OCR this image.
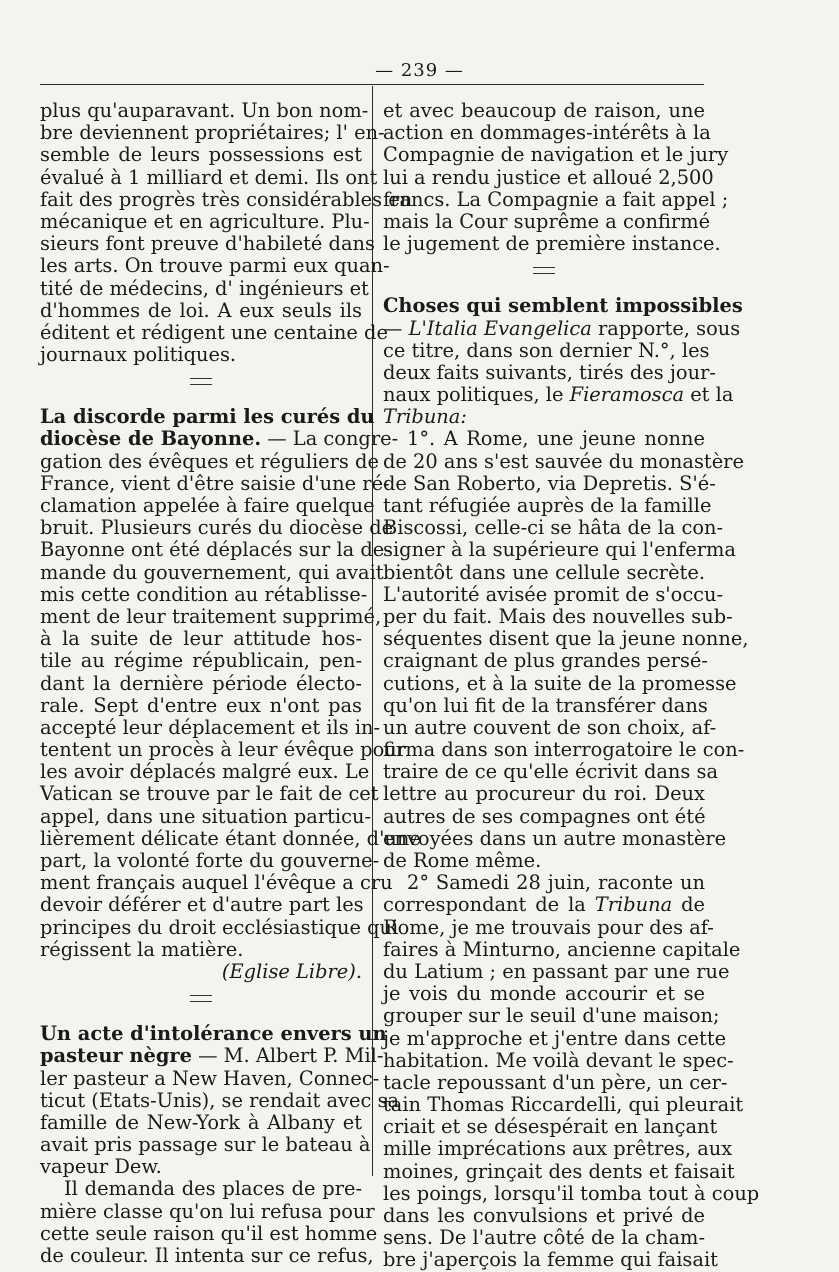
— 239 —
plus qu'auparavant. Un bon nom-
bre deviennent propriétaires; l' en-
semble de leurs possessions est
évalué à 1 milliard et demi. Ils ont
fait des progrès très considérables en
mécanique et en agriculture. Plu-
sieurs font preuve d'habileté dans
les arts. On trouve parmi eux quan-
tité de médecins, d' ingénieurs et
d'hommes de loi. A eux seuls ils
éditent et rédigent une centaine de
journaux politiques.
La discorde parmi les curés du
diocèse de Bayonne. — La congre-
gation des évêques et réguliers de
France, vient d'être saisie d'une ré-
clamation appelée à faire quelque
bruit. Plusieurs curés du diocèse de
Bayonne ont été déplacés sur la de-
mande du gouvernement, qui avait
mis cette condition au rétablisse-
ment de leur traitement supprimé,
à la suite de leur attitude hos-
tile au régime républicain, pen-
dant la dernière période électo-
rale. Sept d'entre eux n'ont pas
accepté leur déplacement et ils in-
tentent un procès à leur évêque pour
les avoir déplacés malgré eux. Le
Vatican se trouve par le fait de cet
appel, dans une situation particu-
lièrement délicate étant donnée, d'une
part, la volonté forte du gouverne-
ment français auquel l'évêque a cru
devoir déférer et d'autre part les
principes du droit ecclésiastique qui
régissent la matière.
(Eglise Libre).
Un acte d'intolérance envers un
pasteur nègre — M. Albert P. Mil-
ler pasteur a New Haven, Connec-
ticut (Etats-Unis), se rendait avec sa
famille de New-York à Albany et
avait pris passage sur le bateau à
vapeur Dew.
Il demanda des places de pre-
mière classe qu'on lui refusa pour
cette seule raison qu'il est homme
de couleur. Il intenta sur ce refus,
et avec beaucoup de raison, une
action en dommages-intérêts à la
Compagnie de navigation et le jury
lui a rendu justice et alloué 2,500
francs. La Compagnie a fait appel ;
mais la Cour suprême a confirmé
le jugement de première instance.
Choses qui semblent impossibles
— L'Italia Evangelica rapporte, sous
ce titre, dans son dernier N.°, les
deux faits suivants, tirés des jour-
naux politiques, le Fieramosca et la
Tribuna:
1°. A Rome, une jeune nonne
de 20 ans s'est sauvée du monastère
de San Roberto, via Depretis. S'é-
tant réfugiée auprès de la famille
Biscossi, celle-ci se hâta de la con-
signer à la supérieure qui l'enferma
bientôt dans une cellule secrète.
L'autorité avisée promit de s'occu-
per du fait. Mais des nouvelles sub-
séquentes disent que la jeune nonne,
craignant de plus grandes persé-
cutions, et à la suite de la promesse
qu'on lui fit de la transférer dans
un autre couvent de son choix, af-
firma dans son interrogatoire le con-
traire de ce qu'elle écrivit dans sa
lettre au procureur du roi. Deux
autres de ses compagnes ont été
envoyées dans un autre monastère
de Rome même.
2° Samedi 28 juin, raconte un
correspondant de la Tribuna de
Rome, je me trouvais pour des af-
faires à Minturno, ancienne capitale
du Latium ; en passant par une rue
je vois du monde accourir et se
grouper sur le seuil d'une maison;
je m'approche et j'entre dans cette
habitation. Me voilà devant le spec-
tacle repoussant d'un père, un cer-
tain Thomas Riccardelli, qui pleurait
criait et se désespérait en lançant
mille imprécations aux prêtres, aux
moines, grinçait des dents et faisait
les poings, lorsqu'il tomba tout à coup
dans les convulsions et privé de
sens. De l'autre côté de la cham-
bre j'aperçois la femme qui faisait
